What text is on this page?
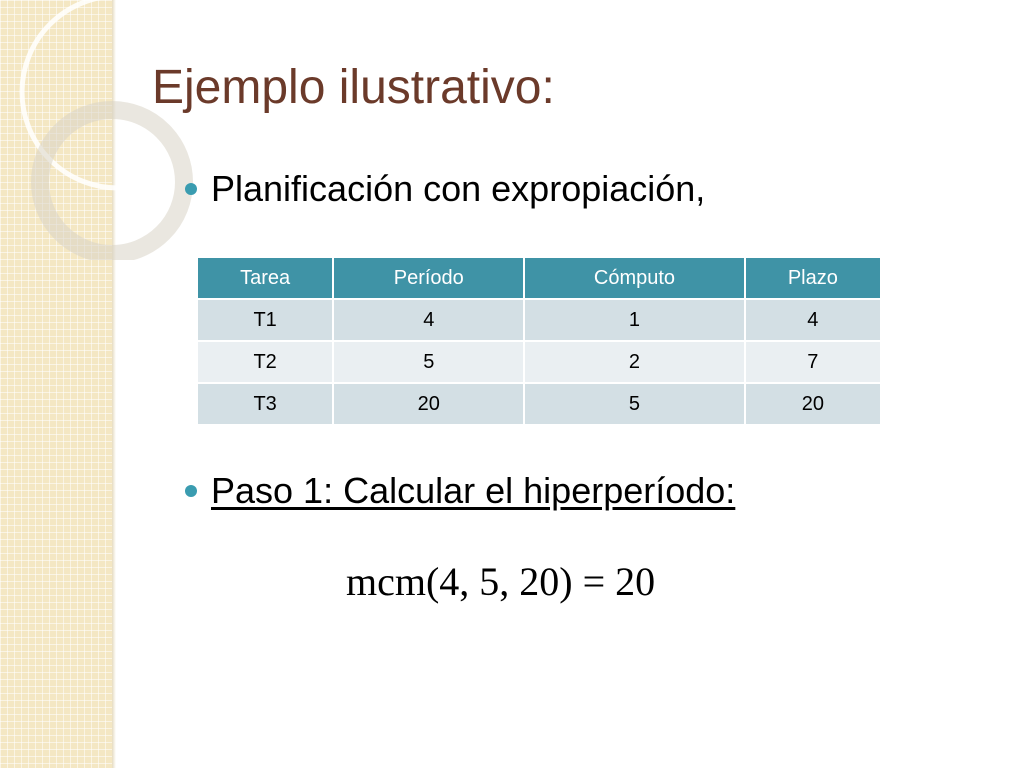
Ejemplo ilustrativo:
Planificación con expropiación,
Tarea	Período	Cómputo	Plazo
T1	4	1	4
T2	5	2	7
T3	20	5	20
Paso 1: Calcular el hiperperíodo:
mcm(4, 5, 20) = 20
